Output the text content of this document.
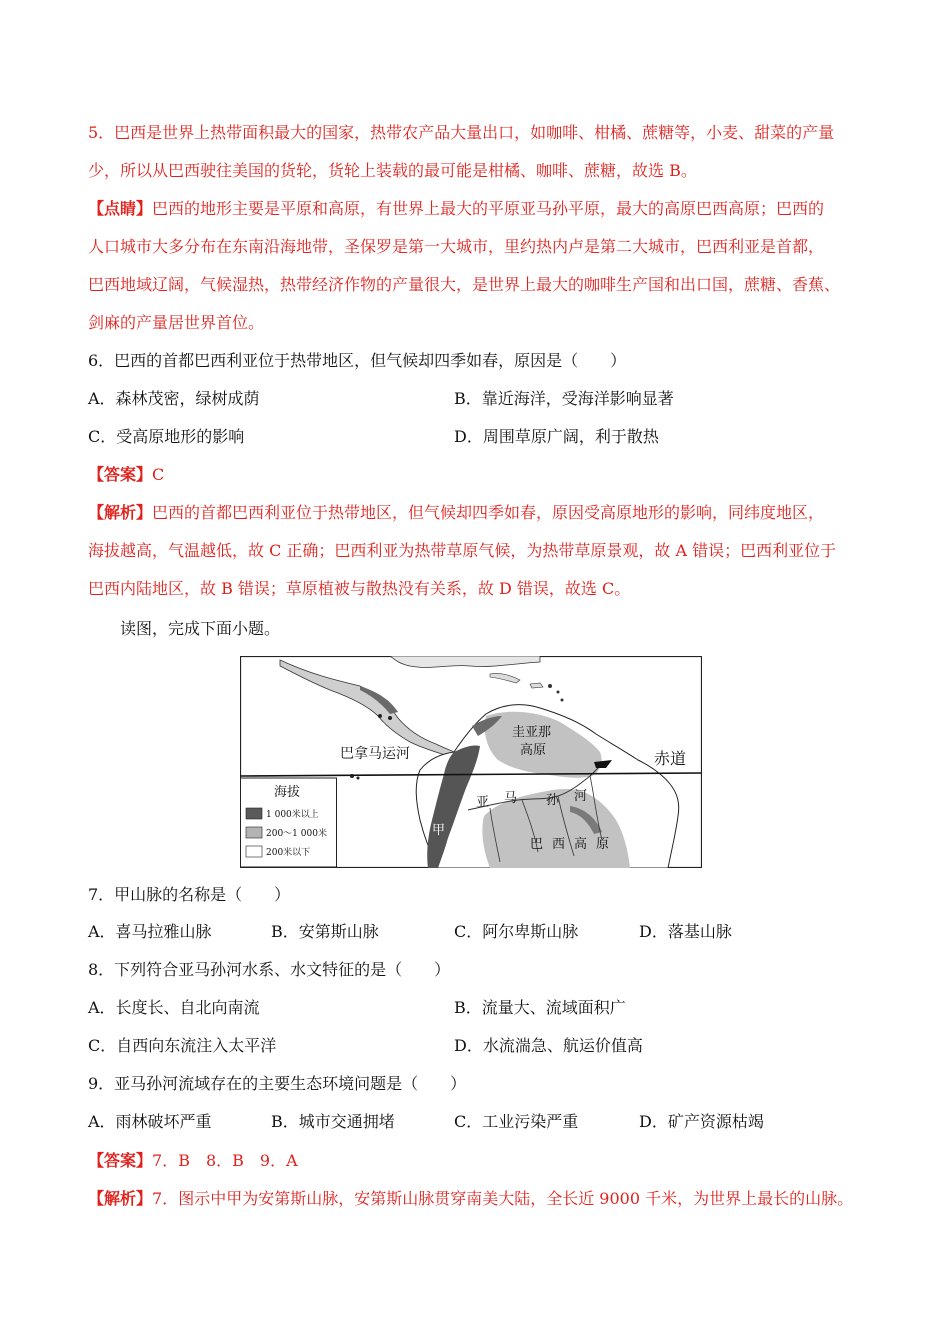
5．巴西是世界上热带面积最大的国家，热带农产品大量出口，如咖啡、柑橘、蔗糖等，小麦、甜菜的产量
少，所以从巴西驶往美国的货轮，货轮上装载的最可能是柑橘、咖啡、蔗糖，故选 B。
【点睛】巴西的地形主要是平原和高原，有世界上最大的平原亚马孙平原，最大的高原巴西高原；巴西的
人口城市大多分布在东南沿海地带，圣保罗是第一大城市，里约热内卢是第二大城市，巴西利亚是首都，
巴西地域辽阔，气候湿热，热带经济作物的产量很大，是世界上最大的咖啡生产国和出口国，蔗糖、香蕉、
剑麻的产量居世界首位。
6．巴西的首都巴西利亚位于热带地区，但气候却四季如春，原因是（　　）
A．森林茂密，绿树成荫	B．靠近海洋，受海洋影响显著
C．受高原地形的影响	D．周围草原广阔，利于散热
【答案】C
【解析】巴西的首都巴西利亚位于热带地区，但气候却四季如春，原因受高原地形的影响，同纬度地区，
海拔越高，气温越低，故 C 正确；巴西利亚为热带草原气候，为热带草原景观，故 A 错误；巴西利亚位于
巴西内陆地区，故 B 错误；草原植被与散热没有关系，故 D 错误，故选 C。
读图，完成下面小题。
巴拿马运河
圭亚那
高原	赤道
亚 马 孙 河
巴 西 高 原
甲
海拔
1 000米以上
200～1 000米
200米以下
7．甲山脉的名称是（　　）
A．喜马拉雅山脉	B．安第斯山脉	C．阿尔卑斯山脉	D．落基山脉
8．下列符合亚马孙河水系、水文特征的是（　　）
A．长度长、自北向南流	B．流量大、流域面积广
C．自西向东流注入太平洋	D．水流湍急、航运价值高
9．亚马孙河流域存在的主要生态环境问题是（　　）
A．雨林破坏严重	B．城市交通拥堵	C．工业污染严重	D．矿产资源枯竭
【答案】7．B　8．B　9．A
【解析】7．图示中甲为安第斯山脉，安第斯山脉贯穿南美大陆，全长近 9000 千米，为世界上最长的山脉。
